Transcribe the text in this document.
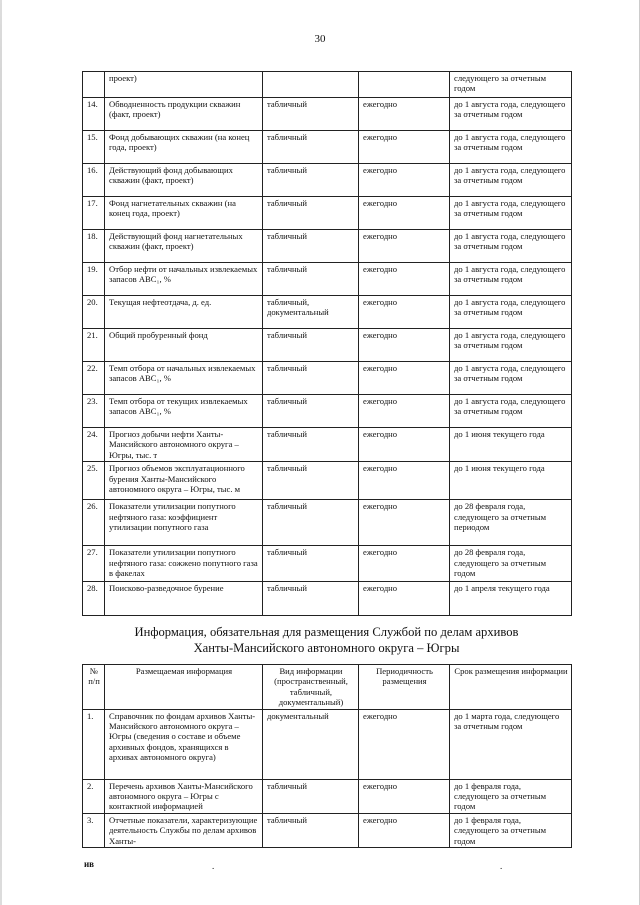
30
	проект)			следующего за отчетным годом
14.	Обводненность продукции скважин (факт, проект)	табличный	ежегодно	до 1 августа года, следующего за отчетным годом
15.	Фонд добывающих скважин (на конец года, проект)	табличный	ежегодно	до 1 августа года, следующего за отчетным годом
16.	Действующий фонд добывающих скважин (факт, проект)	табличный	ежегодно	до 1 августа года, следующего за отчетным годом
17.	Фонд нагнетательных скважин (на конец года, проект)	табличный	ежегодно	до 1 августа года, следующего за отчетным годом
18.	Действующий фонд нагнетательных скважин (факт, проект)	табличный	ежегодно	до 1 августа года, следующего за отчетным годом
19.	Отбор нефти от начальных извлекаемых запасов АВС₁, %	табличный	ежегодно	до 1 августа года, следующего за отчетным годом
20.	Текущая нефтеотдача, д. ед.	табличный, документальный	ежегодно	до 1 августа года, следующего за отчетным годом
21.	Общий пробуренный фонд	табличный	ежегодно	до 1 августа года, следующего за отчетным годом
22.	Темп отбора от начальных извлекаемых запасов АВС₁, %	табличный	ежегодно	до 1 августа года, следующего за отчетным годом
23.	Темп отбора от текущих извлекаемых запасов АВС₁, %	табличный	ежегодно	до 1 августа года, следующего за отчетным годом
24.	Прогноз добычи нефти Ханты-Мансийского автономного округа – Югры, тыс. т	табличный	ежегодно	до 1 июня текущего года
25.	Прогноз объемов эксплуатационного бурения Ханты-Мансийского автономного округа – Югры, тыс. м	табличный	ежегодно	до 1 июня текущего года
26.	Показатели утилизации попутного нефтяного газа: коэффициент утилизации попутного газа	табличный	ежегодно	до 28 февраля года, следующего за отчетным периодом
27.	Показатели утилизации попутного нефтяного газа: сожжено попутного газа в факелах	табличный	ежегодно	до 28 февраля года, следующего за отчетным годом
28.	Поисково-разведочное бурение	табличный	ежегодно	до 1 апреля текущего года
Информация, обязательная для размещения Службой по делам архивов
Ханты-Мансийского автономного округа – Югры
№ п/п	Размещаемая информация	Вид информации (пространственный, табличный, документальный)	Периодичность размещения	Срок размещения информации
1.	Справочник по фондам архивов Ханты-Мансийского автономного округа – Югры (сведения о составе и объеме архивных фондов, хранящихся в архивах автономного округа)	документальный	ежегодно	до 1 марта года, следующего за отчетным годом
2.	Перечень архивов Ханты-Мансийского автономного округа – Югры с контактной информацией	табличный	ежегодно	до 1 февраля года, следующего за отчетным годом
3.	Отчетные показатели, характеризующие деятельность Службы по делам архивов Ханты-	табличный	ежегодно	до 1 февраля года, следующего за отчетным годом
ив	.	.
